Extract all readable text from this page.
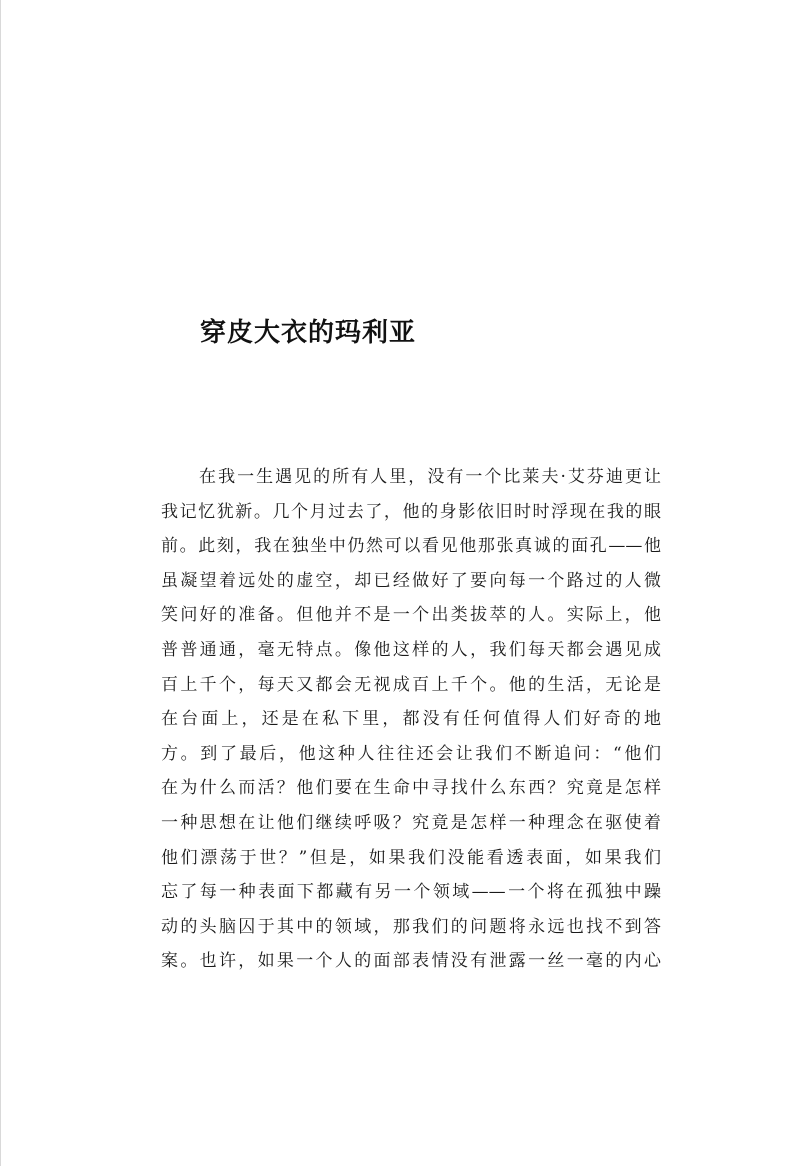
穿皮大衣的玛利亚
　　在我一生遇见的所有人里，没有一个比莱夫·艾芬迪更让
我记忆犹新。几个月过去了，他的身影依旧时时浮现在我的眼
前。此刻，我在独坐中仍然可以看见他那张真诚的面孔——他
虽凝望着远处的虚空，却已经做好了要向每一个路过的人微
笑问好的准备。但他并不是一个出类拔萃的人。实际上，他
普普通通，毫无特点。像他这样的人，我们每天都会遇见成
百上千个，每天又都会无视成百上千个。他的生活，无论是
在台面上，还是在私下里，都没有任何值得人们好奇的地
方。到了最后，他这种人往往还会让我们不断追问：“他们
在为什么而活？他们要在生命中寻找什么东西？究竟是怎样
一种思想在让他们继续呼吸？究竟是怎样一种理念在驱使着
他们漂荡于世？”但是，如果我们没能看透表面，如果我们
忘了每一种表面下都藏有另一个领域——一个将在孤独中躁
动的头脑囚于其中的领域，那我们的问题将永远也找不到答
案。也许，如果一个人的面部表情没有泄露一丝一毫的内心
